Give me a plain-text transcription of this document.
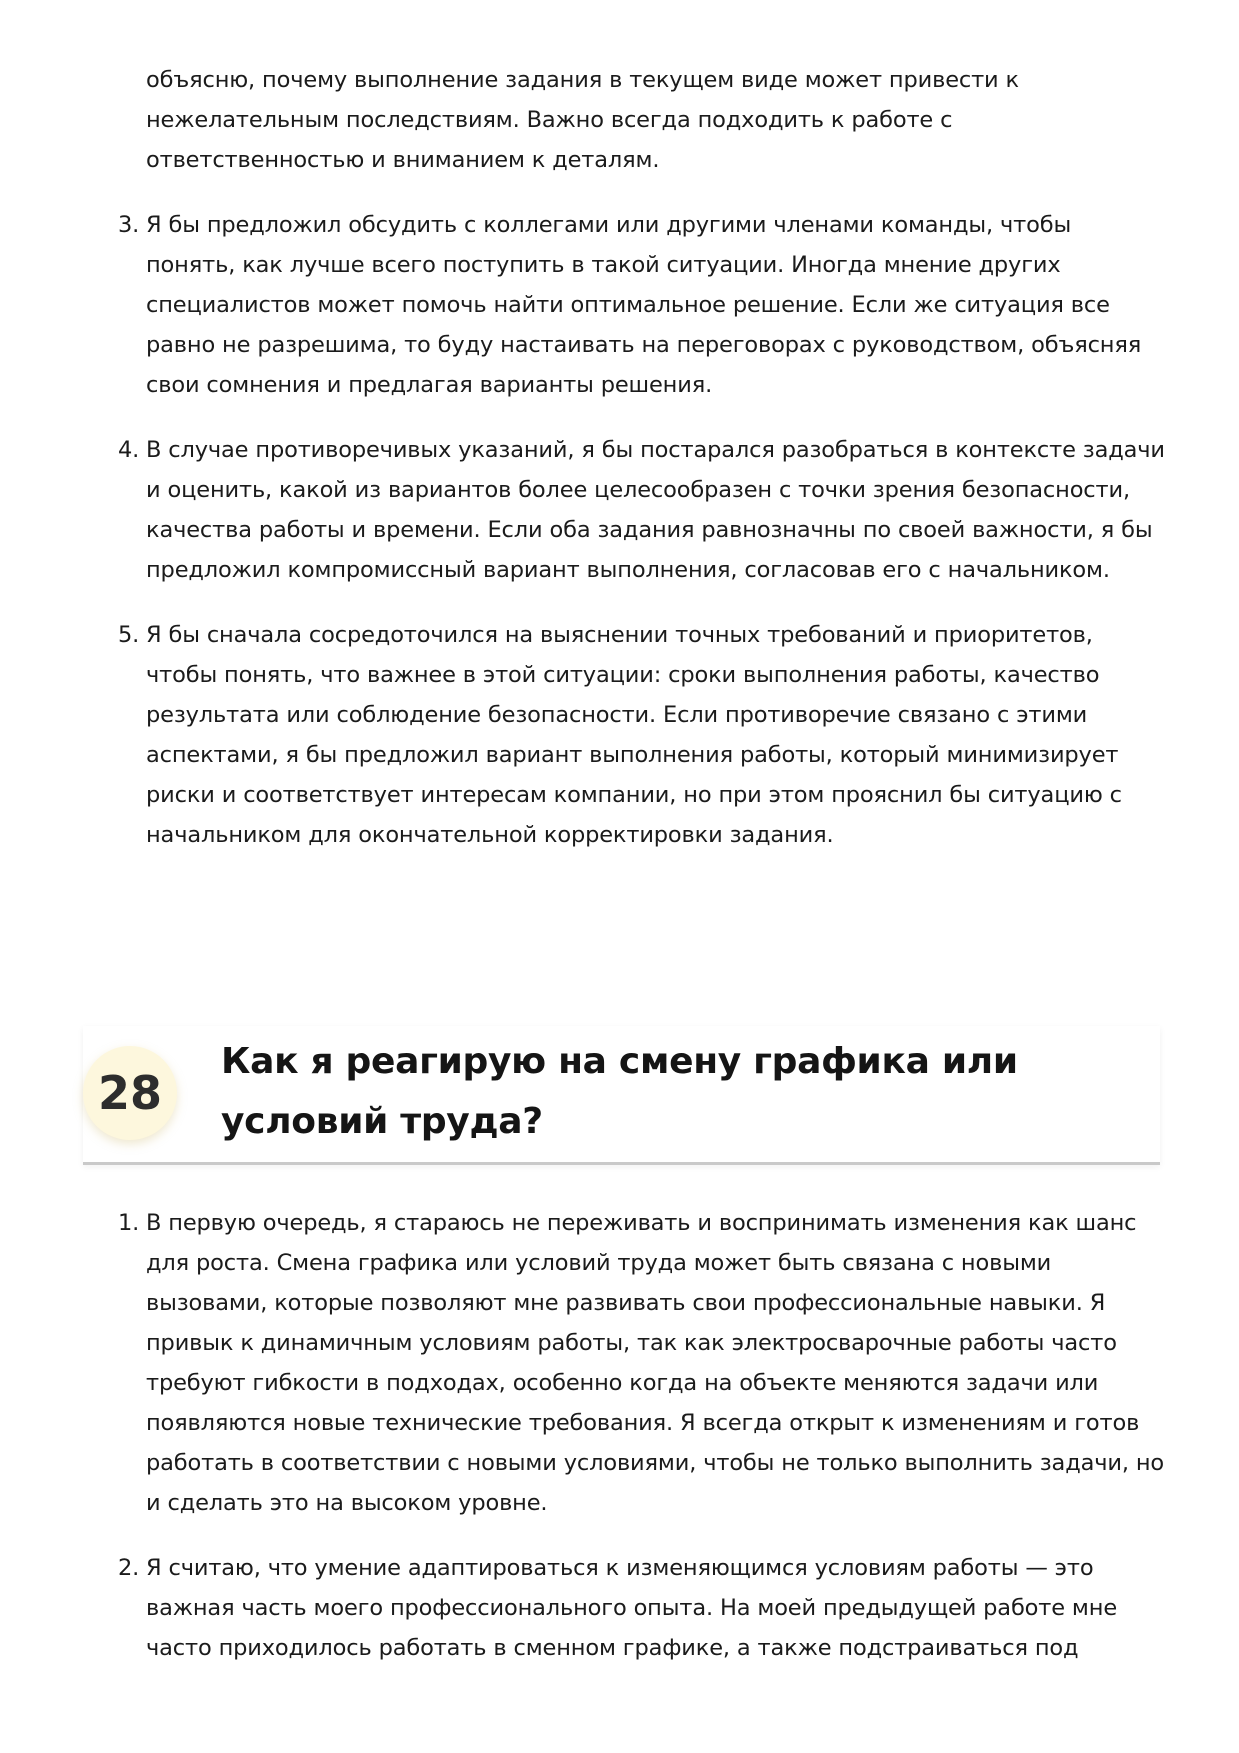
объясню, почему выполнение задания в текущем виде может привести к нежелательным последствиям. Важно всегда подходить к работе с ответственностью и вниманием к деталям.
3. Я бы предложил обсудить с коллегами или другими членами команды, чтобы понять, как лучше всего поступить в такой ситуации. Иногда мнение других специалистов может помочь найти оптимальное решение. Если же ситуация все равно не разрешима, то буду настаивать на переговорах с руководством, объясняя свои сомнения и предлагая варианты решения.
4. В случае противоречивых указаний, я бы постарался разобраться в контексте задачи и оценить, какой из вариантов более целесообразен с точки зрения безопасности, качества работы и времени. Если оба задания равнозначны по своей важности, я бы предложил компромиссный вариант выполнения, согласовав его с начальником.
5. Я бы сначала сосредоточился на выяснении точных требований и приоритетов, чтобы понять, что важнее в этой ситуации: сроки выполнения работы, качество результата или соблюдение безопасности. Если противоречие связано с этими аспектами, я бы предложил вариант выполнения работы, который минимизирует риски и соответствует интересам компании, но при этом прояснил бы ситуацию с начальником для окончательной корректировки задания.
28
Как я реагирую на смену графика или условий труда?
1. В первую очередь, я стараюсь не переживать и воспринимать изменения как шанс для роста. Смена графика или условий труда может быть связана с новыми вызовами, которые позволяют мне развивать свои профессиональные навыки. Я привык к динамичным условиям работы, так как электросварочные работы часто требуют гибкости в подходах, особенно когда на объекте меняются задачи или появляются новые технические требования. Я всегда открыт к изменениям и готов работать в соответствии с новыми условиями, чтобы не только выполнить задачи, но и сделать это на высоком уровне.
2. Я считаю, что умение адаптироваться к изменяющимся условиям работы — это важная часть моего профессионального опыта. На моей предыдущей работе мне часто приходилось работать в сменном графике, а также подстраиваться под
